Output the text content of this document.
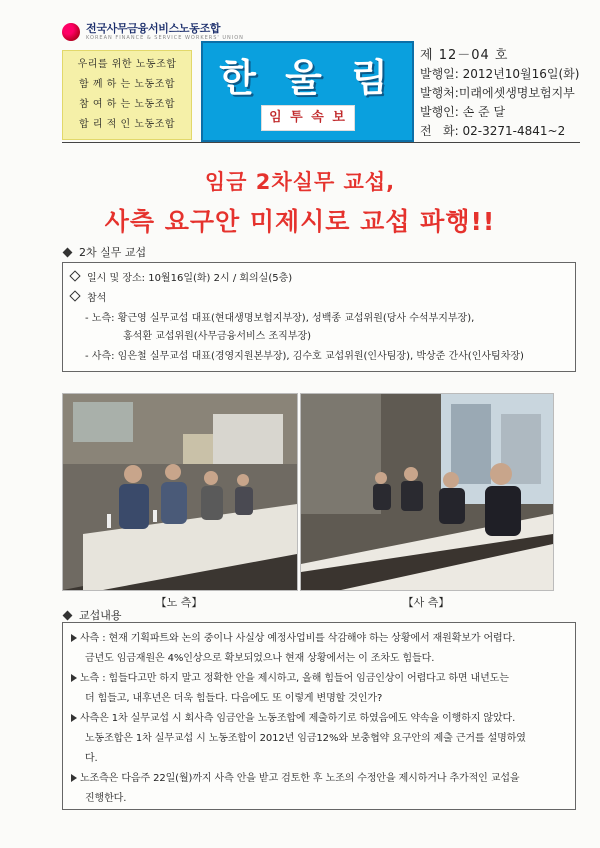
전국사무금융서비스노동조합
KOREAN FINANCE & SERVICE WORKERS' UNION
우리를 위한 노동조합
함 께 하 는 노동조합
참 여 하 는 노동조합
합 리 적 인 노동조합
한 울 림
임 투 속 보
제 12－04 호
발행일: 2012년10월16일(화)
발행처:미래에셋생명보험지부
발행인: 손 준 달
전   화: 02-3271-4841~2
임금 2차실무 교섭,
사측 요구안 미제시로 교섭 파행!!
2차 실무 교섭
일시 및 장소: 10월16일(화) 2시 / 회의실(5층)
참석
- 노측: 황근영 실무교섭 대표(현대생명보험지부장), 성백종 교섭위원(당사 수석부지부장),
홍석환 교섭위원(사무금융서비스 조직부장)
- 사측: 임은철 실무교섭 대표(경영지원본부장), 김수호 교섭위원(인사팀장), 박상준 간사(인사팀차장)
【노 측】	【사 측】
교섭내용
사측 : 현재 기획파트와 논의 중이나 사실상 예정사업비를 삭감해야 하는 상황에서 재원확보가 어렵다.
금년도 임금재원은 4%인상으로 확보되었으나 현재 상황에서는 이 조차도 힘들다.
노측 : 힘들다고만 하지 말고 정확한 안을 제시하고, 올해 힘들어 임금인상이 어렵다고 하면 내년도는
더 힘들고, 내후년은 더욱 힘들다. 다음에도 또 이렇게 변명할 것인가?
사측은 1차 실무교섭 시 회사측 임금안을 노동조합에 제출하기로 하였음에도 약속을 이행하지 않았다.
노동조합은 1차 실무교섭 시 노동조합이 2012년 임금12%와 보충협약 요구안의 제출 근거를 설명하였
다.
노조측은 다음주 22일(월)까지 사측 안을 받고 검토한 후 노조의 수정안을 제시하거나 추가적인 교섭을
진행한다.
